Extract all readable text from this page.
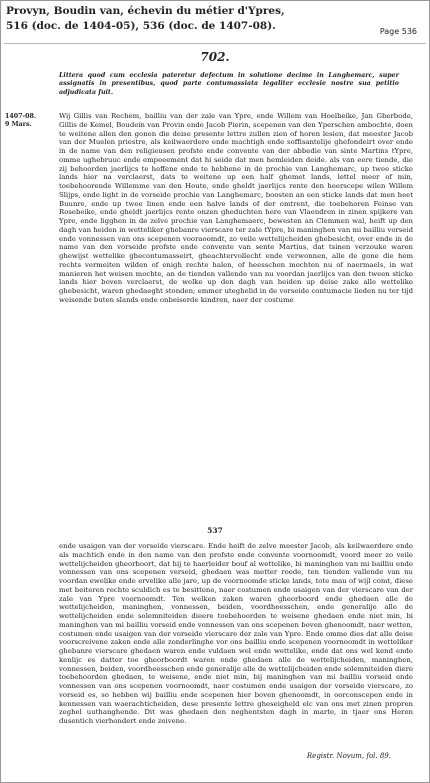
Provyn, Boudin van, échevin du métier d'Ypres,
516 (doc. de 1404-05), 536 (doc. de 1407-08).	Page 536
702.
Littera quod cum ecclesia pateretur defectum in solutione decime in Langhemarc, super assignatis in presentibus, quod parte contumassiata legaliter ecclesie nostre sua petitio adjudicata fuit.
1407-08.
9 Mars.
Wij Gillis van Rechem, bailliu van der zale van Ypre, ende Willem van Hoelbeike, Jan Gherbode, Gillis de Kemel, Boudein van Provin ende Jacob Pierin, scepenen van den Yperschen ambochte, doen te weitene allen den gonen die deise presente lettre zullen zien of horen lesien, dat meester Jacob van der Muelen priestre, als keilwaerdere ende machtigh ende soffisantelije ghefondeirt over ende in de name van den religieusen profste ende convente van der abbedie van sinte Martins tYpre, omme ughebruuc ende empeeement dat hi seide dat men hemleiden deide. als van eere tiende, die zij behoorden jaerlijcs te heffene ende te hebbene in de prochie van Langhemarc, up twee sticke lands hier na verclaerst, dats te weitene up een half ghemet lands, lettel meer of min, toebehoorende Willemme van den Houte, ende gheldt jaerlijcs rente den heerscepe wilen Willem Slijps, ende light in de vorseide prochie van Langhemarc, boosten an een sticke lands dat men heet Buunre, ende up twee linen ende een halve lands of der omtrent, die toebehoren Feinse van Rosebeike, ende gheldt jaerlijcs rente onzen gheduchten here van Vlaendren in zinen spijkere van Ypre, ende ligghen in de zelve prochie van Langhemaerc, bewesten an Clemmen wal, heift up den dagh van heiden in wetteliker ghebanre vierscare ter zale tYpre, bi maninghen van mi bailliu vorseid ende vonnessen van ons scepenen vooraoomdt, zo veile wettelijcheiden ghebesicht, over ende in de name van den vorseide profste ende convente van sente Martius, dat tsinen verzouke waren ghewijst wettelike ghecontumasseirt, gheachtervollecht ende verwonnen, alle de gone die hem rechts vermeiten wilden of enigh rechte halen, of heesschen mochten nu of naermaels, in wat manieren het weisen mochte, an de tienden vallende van nu voordan jaerlijcs van den tween sticke lands hier boven verclaerst, de welke up den dagh van heiden up deise zake alle wettelike ghebesicht, waren ghedaeght stonden; emmer uteghelid in de vorseide contumacie lieden nu ter tijd weisende buten slands ende onbeiserde kindren, naer der costume
537
ende usaigen van der vorseide vierscare. Ende heift de zelve meester Jacob, als keilwaerdere ende als machtich ende in den name van den profste ende convente voornoomdt, voord meer zo veile wettelijcheiden gheorboort, dat hij te haerleider bouf al wettelike, bi maninghen van mi bailliu ende vonnessen van ons scepenen verseid, ghedaen was metter roede, ten tienden vallende van nu voordan ewelike ende ervelike alle jare, up de voornoomde sticke lands, tote mau of wijl comt, diese met beiteren rechte sculdich es te besittene, naer costumen ende usaigen van der vierscare van der zale van Ypre voornoomdt. Ten welken zaken waren gheorboord ende ghedaen alle de wettelijcheiden, maninghen, vonnessen, beiden, voordheesschen, ende generalije alle de wettelijcheiden ende solemniteiden dieere toebehoorden te weisene ghedaen ende niet min, bi maninghen van mi bailliu vorseid ende vonnessen van ons scepenen boven ghenoomdt, naer wetten, costumen ende usaigen van der vorseide vierscare der zale van Ypre. Ende omme dies dat alle deise voorscreivene zaken ende alle zonderlinghe vor ons bailliu ende scepenen voornoomdt in wetteliker ghebanre vierscare ghedaen waren ende vuldaen wel ende wettelike, ende dat ons wel kend ende kenlijc es datter toe gheorboordt waren ende ghedaen alle de wettelijcheiden, maninghen, vonnessen, beiden, voordheesschen ende generalije alle de wettelijcheiden ende solemniteiden diere toebehoorden ghedaen, te weisene, ende niet min, bij maninghen van mi bailliu vorseid ende vonnessen van ons scepenen voornoomdt, naer costumen ende usaigen der vorseide vierscare, zo vorseid es, so hebben wij bailliu ende scepenen hier boven ghenoomdt, in oorconscepen ende in kennessen van waerachticheiden, dese presente lettre gheseigheld elc van ons met zinen propren zeghel uuthanghende. Dit was ghedaen den neghentsten dagh in marte, in tjaer ons Heren dusentich vierhondert ende zeivene.
Registr. Novum, fol. 89.
